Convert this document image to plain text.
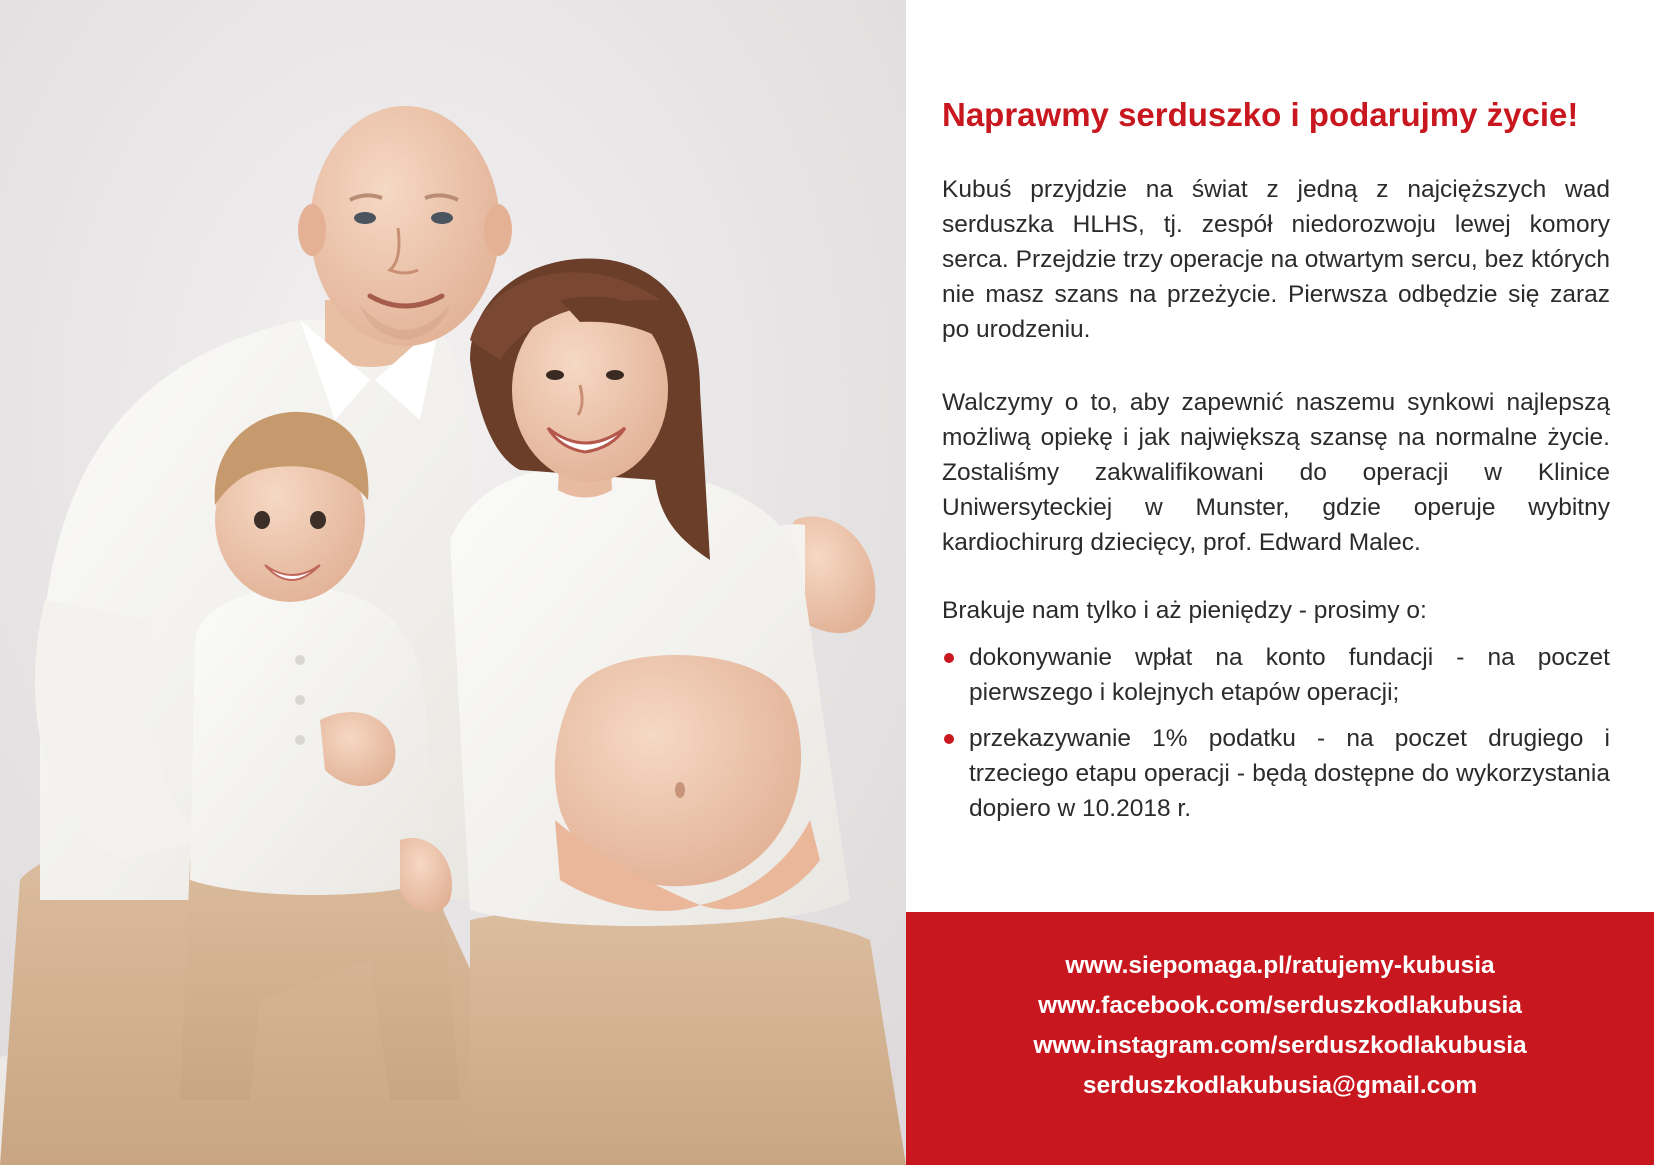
Naprawmy serduszko i podarujmy życie!

Kubuś przyjdzie na świat z jedną z najcięższych wad serduszka HLHS, tj. zespół niedorozwoju lewej komory serca. Przejdzie trzy operacje na otwartym sercu, bez których nie masz szans na przeżycie. Pierwsza odbędzie się zaraz po urodzeniu.

Walczymy o to, aby zapewnić naszemu synkowi najlepszą możliwą opiekę i jak największą szansę na normalne życie. Zostaliśmy zakwalifikowani do operacji w Klinice Uniwersyteckiej w Munster, gdzie operuje wybitny kardiochirurg dziecięcy, prof. Edward Malec.

Brakuje nam tylko i aż pieniędzy - prosimy o:

dokonywanie wpłat na konto fundacji - na poczet pierwszego i kolejnych etapów operacji;
przekazywanie 1% podatku - na poczet drugiego i trzeciego etapu operacji - będą dostępne do wykorzystania dopiero w 10.2018 r.
www.siepomaga.pl/ratujemy-kubusia
www.facebook.com/serduszkodlakubusia
www.instagram.com/serduszkodlakubusia
serduszkodlakubusia@gmail.com
